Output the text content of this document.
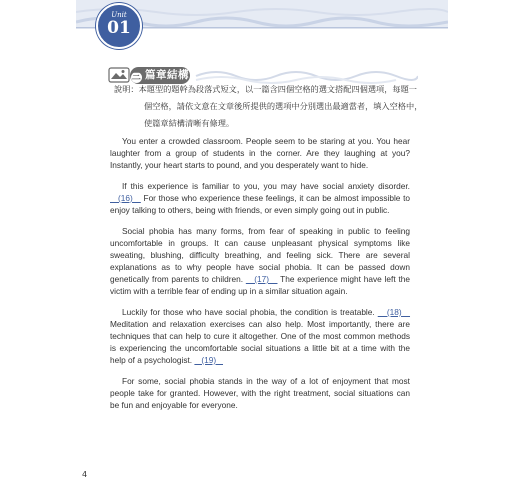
Unit
01
三 篇章結構
說明：本題型的題幹為段落式短文，以一篇含四個空格的選文搭配四個選項，每題一
個空格，請依文意在文章後所提供的選項中分別選出最適當者，填入空格中，
使篇章結構清晰有條理。

You enter a crowded classroom. People seem to be staring at you. You hear laughter from a group of students in the corner. Are they laughing at you? Instantly, your heart starts to pound, and you desperately want to hide.

If this experience is familiar to you, you may have social anxiety disorder.   (16)    For those who experience these feelings, it can be almost impossible to enjoy talking to others, being with friends, or even simply going out in public.

Social phobia has many forms, from fear of speaking in public to feeling uncomfortable in groups. It can cause unpleasant physical symptoms like sweating, blushing, difficulty breathing, and feeling sick. There are several explanations as to why people have social phobia. It can be passed down genetically from parents to children.    (17)    The experience might have left the victim with a terrible fear of ending up in a similar situation again.

Luckily for those who have social phobia, the condition is treatable.    (18)    Meditation and relaxation exercises can also help. Most importantly, there are techniques that can help to cure it altogether. One of the most common methods is experiencing the uncomfortable social situations a little bit at a time with the help of a psychologist.    (19)

For some, social phobia stands in the way of a lot of enjoyment that most people take for granted. However, with the right treatment, social situations can be fun and enjoyable for everyone.

4
